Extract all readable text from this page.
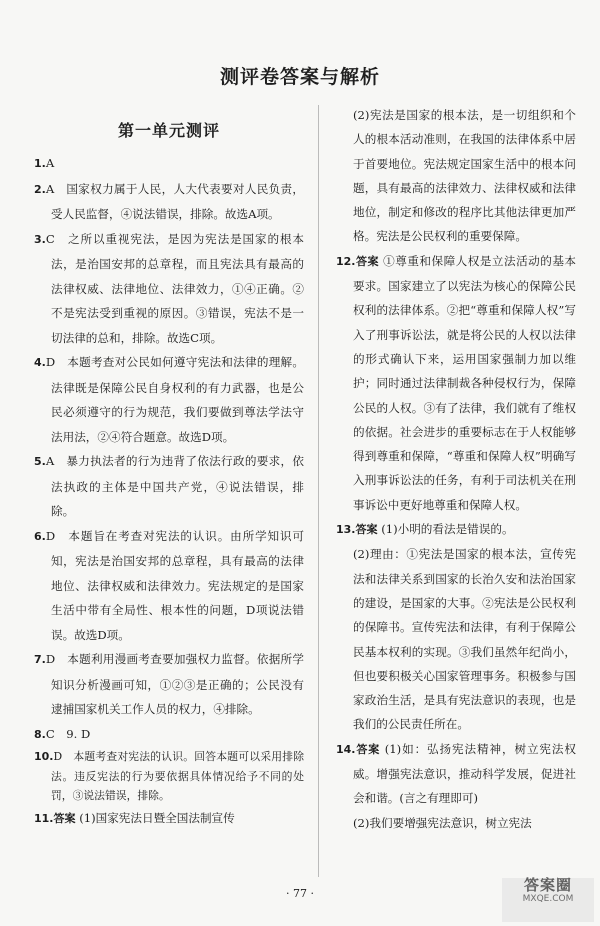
测评卷答案与解析
第一单元测评

1.A

2.A　国家权力属于人民，人大代表要对人民负责，受人民监督，④说法错误，排除。故选A项。

3.C　之所以重视宪法，是因为宪法是国家的根本法，是治国安邦的总章程，而且宪法具有最高的法律权威、法律地位、法律效力，①④正确。②不是宪法受到重视的原因。③错误，宪法不是一切法律的总和，排除。故选C项。

4.D　本题考查对公民如何遵守宪法和法律的理解。法律既是保障公民自身权利的有力武器，也是公民必须遵守的行为规范，我们要做到尊法学法守法用法，②④符合题意。故选D项。

5.A　暴力执法者的行为违背了依法行政的要求，依法执政的主体是中国共产党，④说法错误，排除。

6.D　本题旨在考查对宪法的认识。由所学知识可知，宪法是治国安邦的总章程，具有最高的法律地位、法律权威和法律效力。宪法规定的是国家生活中带有全局性、根本性的问题，D项说法错误。故选D项。

7.D　本题利用漫画考查要加强权力监督。依据所学知识分析漫画可知，①②③是正确的；公民没有逮捕国家机关工作人员的权力，④排除。

8.C　9. D

10.D　本题考查对宪法的认识。回答本题可以采用排除法。违反宪法的行为要依据具体情况给予不同的处罚，③说法错误，排除。

11.答案 (1)国家宪法日暨全国法制宣传

(2)宪法是国家的根本法，是一切组织和个人的根本活动准则，在我国的法律体系中居于首要地位。宪法规定国家生活中的根本问题，具有最高的法律效力、法律权威和法律地位，制定和修改的程序比其他法律更加严格。宪法是公民权利的重要保障。

12.答案 ①尊重和保障人权是立法活动的基本要求。国家建立了以宪法为核心的保障公民权利的法律体系。②把“尊重和保障人权”写入了刑事诉讼法，就是将公民的人权以法律的形式确认下来，运用国家强制力加以维护；同时通过法律制裁各种侵权行为，保障公民的人权。③有了法律，我们就有了维权的依据。社会进步的重要标志在于人权能够得到尊重和保障，“尊重和保障人权”明确写入刑事诉讼法的任务，有利于司法机关在刑事诉讼中更好地尊重和保障人权。

13.答案 (1)小明的看法是错误的。

(2)理由：①宪法是国家的根本法，宣传宪法和法律关系到国家的长治久安和法治国家的建设，是国家的大事。②宪法是公民权利的保障书。宣传宪法和法律，有利于保障公民基本权利的实现。③我们虽然年纪尚小，但也要积极关心国家管理事务。积极参与国家政治生活，是具有宪法意识的表现，也是我们的公民责任所在。

14.答案 (1)如：弘扬宪法精神，树立宪法权威。增强宪法意识，推动科学发展，促进社会和谐。(言之有理即可)

(2)我们要增强宪法意识，树立宪法

· 77 ·	答案圈
MXQE.COM
